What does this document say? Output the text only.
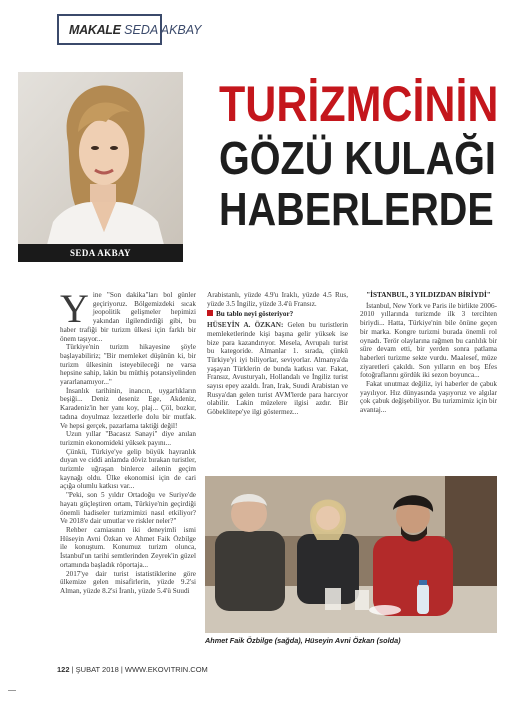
MAKALE SEDA AKBAY
SEDA AKBAY
TURİZMCİNİN
GÖZÜ KULAĞI
HABERLERDE
Y ine "Son dakika"ları bol günler geçiriyoruz. Bölgemizdeki sıcak jeopolitik gelişmeler hepimizi yakından ilgilendirdiği gibi, bu haber trafiği bir turizm ülkesi için farklı bir önem taşıyor...

Türkiye'nin turizm hikayesine şöyle başlayabiliriz; "Bir memleket düşünün ki, bir turizm ülkesinin isteyebileceği ne varsa hepsine sahip, lakin bu müthiş potansiyelinden yararlanamıyor..."

İnsanlık tarihinin, inancın, uygarlıkların beşiği... Deniz deseniz Ege, Akdeniz, Karadeniz'in her yanı koy, plaj... Çöl, bozkır, tadına doyulmaz lezzetlerle dolu bir mutfak. Ve hepsi gerçek, pazarlama taktiği değil!

Uzun yıllar "Bacasız Sanayi" diye anılan turizmin ekonomideki yüksek payını...

Çünkü, Türkiye'ye gelip büyük hayranlık duyan ve ciddi anlamda döviz bırakan turistler, turizmle uğraşan binlerce ailenin geçim kaynağı oldu. Ülke ekonomisi için de cari açığa olumlu katkısı var...

"Peki, son 5 yıldır Ortadoğu ve Suriye'de hayatı güçleştiren ortam, Türkiye'nin geçirdiği önemli hadiseler turizmimizi nasıl etkiliyor? Ve 2018'e dair umutlar ve riskler neler?"

Rehber camiasının iki deneyimli ismi Hüseyin Avni Özkan ve Ahmet Faik Özbilge ile konuştum. Konumuz turizm olunca, İstanbul'un tarihi semtlerinden Zeyrek'in güzel ortamında başladık röportaja...

2017'ye dair turist istatistiklerine göre ülkemize gelen misafirlerin, yüzde 9.2'si Alman, yüzde 8.2'si İranlı, yüzde 5.4'ü Suudi

Arabistanlı, yüzde 4.9'u Iraklı, yüzde 4.5 Rus, yüzde 3.5 İngiliz, yüzde 3.4'ü Fransız.

Bu tablo neyi gösteriyor?

HÜSEYİN A. ÖZKAN: Gelen bu turistlerin memleketlerinde kişi başına gelir yüksek ise bize para kazandırıyor. Mesela, Avrupalı turist bu kategoride. Almanlar 1. sırada, çünkü Türkiye'yi iyi biliyorlar, seviyorlar. Almanya'da yaşayan Türklerin de bunda katkısı var. Fakat, Fransız, Avusturyalı, Hollandalı ve İngiliz turist sayısı epey azaldı. İran, Irak, Suudi Arabistan ve Rusya'dan gelen turist AVM'lerde para harcıyor olabilir. Lakin müzelere ilgisi azdır. Bir Göbeklitepe'ye ilgi göstermez...

"İSTANBUL, 3 YILDIZDAN BİRİYDİ"

İstanbul, New York ve Paris ile birlikte 2006-2010 yıllarında turizmde ilk 3 tercihten biriydi... Hatta, Türkiye'nin bile önüne geçen bir marka. Kongre turizmi burada önemli rol oynadı. Terör olaylarına rağmen bu canlılık bir süre devam etti, bir yerden sonra patlama haberleri turizme sekte vurdu. Maalesef, müze ziyaretleri çakıldı. Son yılların en boş Efes fotoğraflarını gördük iki sezon boyunca...

Fakat unutmaz değiliz, iyi haberler de çabuk yayılıyor. Hız dünyasında yaşıyoruz ve algılar çok çabuk değişebiliyor. Bu turizmimiz için bir avantaj...

Ahmet Faik Özbilge (sağda), Hüseyin Avni Özkan (solda)
122 | ŞUBAT 2018 | WWW.EKOVITRIN.COM
